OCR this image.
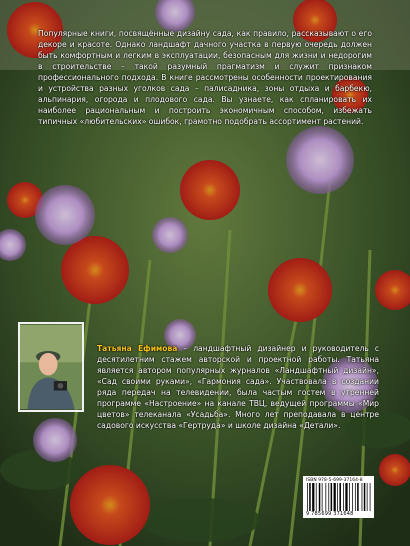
Популярные книги, посвящённые дизайну сада, как правило, рассказывают о его декоре и красоте. Однако ландшафт дачного участка в первую очередь должен быть комфортным и легким в эксплуатации, безопасным для жизни и недорогим в строительстве – такой разумный прагматизм и служит признаком профессионального подхода. В книге рассмотрены особенности проектирования и устройства разных уголков сада – палисадника, зоны отдыха и барбекю, альпинария, огорода и плодового сада. Вы узнаете, как спланировать их наиболее рациональным и построить экономичным способом, избежать типичных «любительских» ошибок, грамотно подобрать ассортимент растений.

Татьяна Ефимова – ландшафтный дизайнер и руководитель с десятилетним стажем авторской и проектной работы. Татьяна является автором популярных журналов «Ландшафтный дизайн», «Сад своими руками», «Гармония сада». Участвовала в создании ряда передач на телевидении, была частым гостем в утренней программе «Настроение» на канале ТВЦ, ведущей программы «Мир цветов» телеканала «Усадьба». Много лет преподавала в центре садового искусства «Гертруда» и школе дизайна «Детали».

ISBN 978-5-699-37164-8
9 785699 371648
